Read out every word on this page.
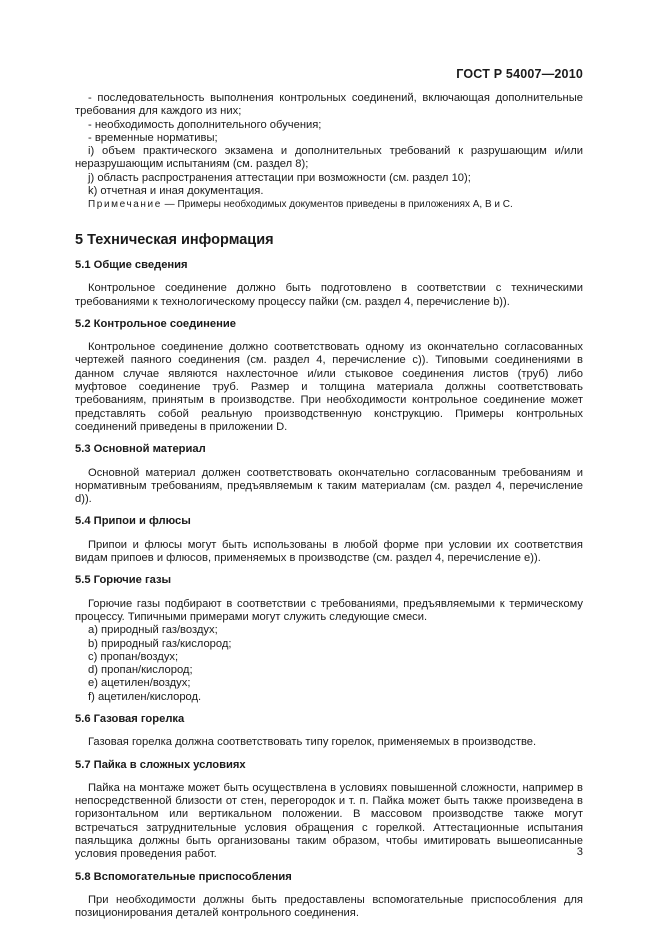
ГОСТ Р 54007—2010

- последовательность выполнения контрольных соединений, включающая дополнительные требования для каждого из них;

- необходимость дополнительного обучения;

- временные нормативы;

i) объем практического экзамена и дополнительных требований к разрушающим и/или неразрушающим испытаниям (см. раздел 8);

j) область распространения аттестации при возможности (см. раздел 10);

k) отчетная и иная документация.

Примечание — Примеры необходимых документов приведены в приложениях А, В и С.

5 Техническая информация
5.1 Общие сведения

Контрольное соединение должно быть подготовлено в соответствии с техническими требованиями к технологическому процессу пайки (см. раздел 4, перечисление b)).

5.2 Контрольное соединение

Контрольное соединение должно соответствовать одному из окончательно согласованных чертежей паяного соединения (см. раздел 4, перечисление с)). Типовыми соединениями в данном случае являются нахлесточное и/или стыковое соединения листов (труб) либо муфтовое соединение труб. Размер и толщина материала должны соответствовать требованиям, принятым в производстве. При необходимости контрольное соединение может представлять собой реальную производственную конструкцию. Примеры контрольных соединений приведены в приложении D.

5.3 Основной материал

Основной материал должен соответствовать окончательно согласованным требованиям и нормативным требованиям, предъявляемым к таким материалам (см. раздел 4, перечисление d)).

5.4 Припои и флюсы

Припои и флюсы могут быть использованы в любой форме при условии их соответствия видам припоев и флюсов, применяемых в производстве (см. раздел 4, перечисление е)).

5.5 Горючие газы

Горючие газы подбирают в соответствии с требованиями, предъявляемыми к термическому процессу. Типичными примерами могут служить следующие смеси.

a) природный газ/воздух;

b) природный газ/кислород;

c) пропан/воздух;

d) пропан/кислород;

e) ацетилен/воздух;

f) ацетилен/кислород.

5.6 Газовая горелка

Газовая горелка должна соответствовать типу горелок, применяемых в производстве.

5.7 Пайка в сложных условиях

Пайка на монтаже может быть осуществлена в условиях повышенной сложности, например в непосредственной близости от стен, перегородок и т. п. Пайка может быть также произведена в горизонтальном или вертикальном положении. В массовом производстве также могут встречаться затруднительные условия обращения с горелкой. Аттестационные испытания паяльщика должны быть организованы таким образом, чтобы имитировать вышеописанные условия проведения работ.

5.8 Вспомогательные приспособления

При необходимости должны быть предоставлены вспомогательные приспособления для позиционирования деталей контрольного соединения.

3
